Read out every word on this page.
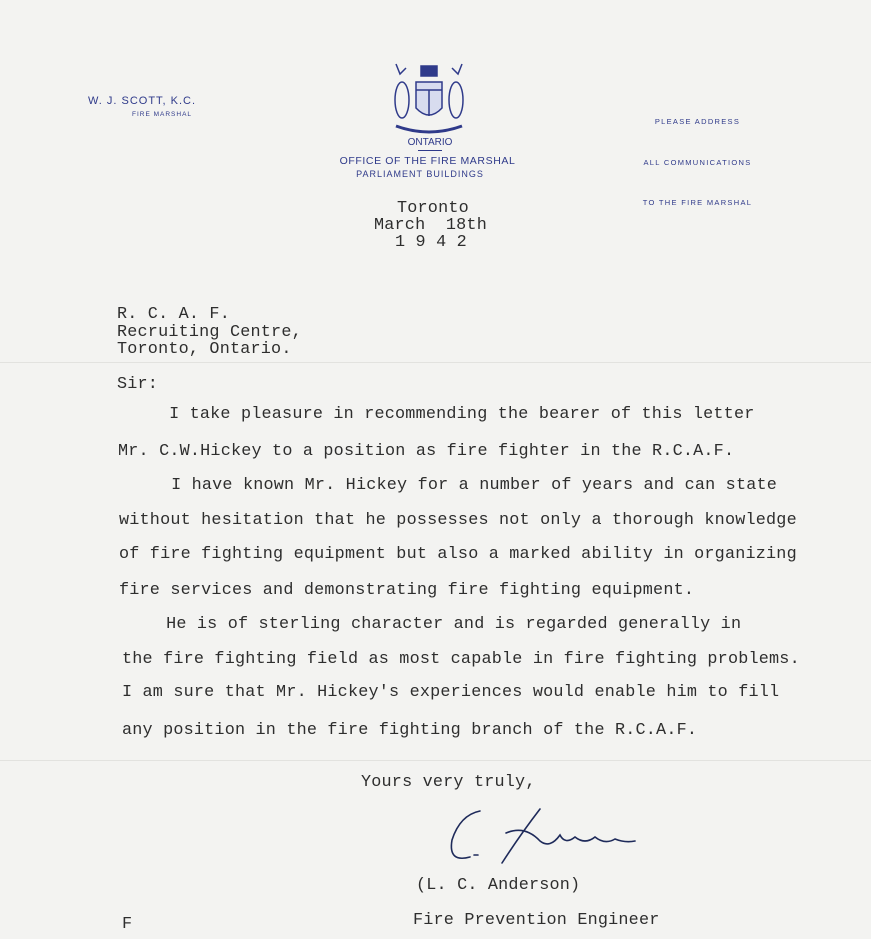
W. J. SCOTT, K.C.
FIRE MARSHAL

PLEASE ADDRESS

ALL COMMUNICATIONS

TO THE FIRE MARSHAL

ONTARIO
OFFICE OF THE FIRE MARSHAL
PARLIAMENT BUILDINGS
Toronto
March  18th
1 9 4 2
R. C. A. F.
Recruiting Centre,
Toronto, Ontario.
Sir:
I take pleasure in recommending the bearer of this letter
Mr. C.W.Hickey to a position as fire fighter in the R.C.A.F.
I have known Mr. Hickey for a number of years and can state
without hesitation that he possesses not only a thorough knowledge
of fire fighting equipment but also a marked ability in organizing
fire services and demonstrating fire fighting equipment.
He is of sterling character and is regarded generally in
the fire fighting field as most capable in fire fighting problems.
I am sure that Mr. Hickey's experiences would enable him to fill
any position in the fire fighting branch of the R.C.A.F.
Yours very truly,
(L. C. Anderson)
Fire Prevention Engineer
F
